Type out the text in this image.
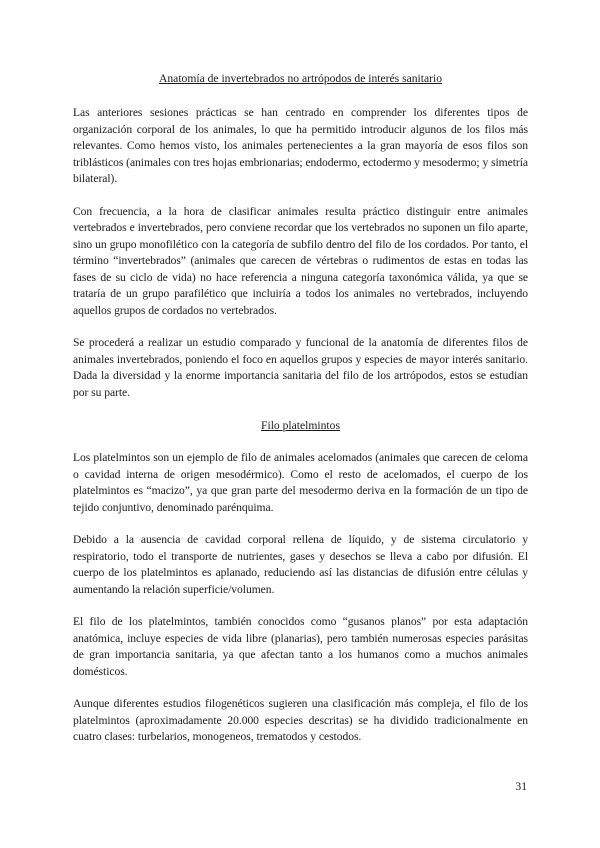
Anatomía de invertebrados no artrópodos de interés sanitario

Las anteriores sesiones prácticas se han centrado en comprender los diferentes tipos de organización corporal de los animales, lo que ha permitido introducir algunos de los filos más relevantes. Como hemos visto, los animales pertenecientes a la gran mayoría de esos filos son triblásticos (animales con tres hojas embrionarias; endodermo, ectodermo y mesodermo; y simetría bilateral).

Con frecuencia, a la hora de clasificar animales resulta práctico distinguir entre animales vertebrados e invertebrados, pero conviene recordar que los vertebrados no suponen un filo aparte, sino un grupo monofilético con la categoría de subfilo dentro del filo de los cordados. Por tanto, el término “invertebrados” (animales que carecen de vértebras o rudimentos de estas en todas las fases de su ciclo de vida) no hace referencia a ninguna categoría taxonómica válida, ya que se trataría de un grupo parafilético que incluiría a todos los animales no vertebrados, incluyendo aquellos grupos de cordados no vertebrados.

Se procederá a realizar un estudio comparado y funcional de la anatomía de diferentes filos de animales invertebrados, poniendo el foco en aquellos grupos y especies de mayor interés sanitario. Dada la diversidad y la enorme importancia sanitaria del filo de los artrópodos, estos se estudian por su parte.

Filo platelmintos

Los platelmintos son un ejemplo de filo de animales acelomados (animales que carecen de celoma o cavidad interna de origen mesodérmico). Como el resto de acelomados, el cuerpo de los platelmintos es “macizo”, ya que gran parte del mesodermo deriva en la formación de un tipo de tejido conjuntivo, denominado parénquima.

Debido a la ausencia de cavidad corporal rellena de líquido, y de sistema circulatorio y respiratorio, todo el transporte de nutrientes, gases y desechos se lleva a cabo por difusión. El cuerpo de los platelmintos es aplanado, reduciendo así las distancias de difusión entre células y aumentando la relación superficie/volumen.

El filo de los platelmintos, también conocidos como “gusanos planos” por esta adaptación anatómica, incluye especies de vida libre (planarias), pero también numerosas especies parásitas de gran importancia sanitaria, ya que afectan tanto a los humanos como a muchos animales domésticos.

Aunque diferentes estudios filogenéticos sugieren una clasificación más compleja, el filo de los platelmintos (aproximadamente 20.000 especies descritas) se ha dividido tradicionalmente en cuatro clases: turbelarios, monogeneos, trematodos y cestodos.

31
